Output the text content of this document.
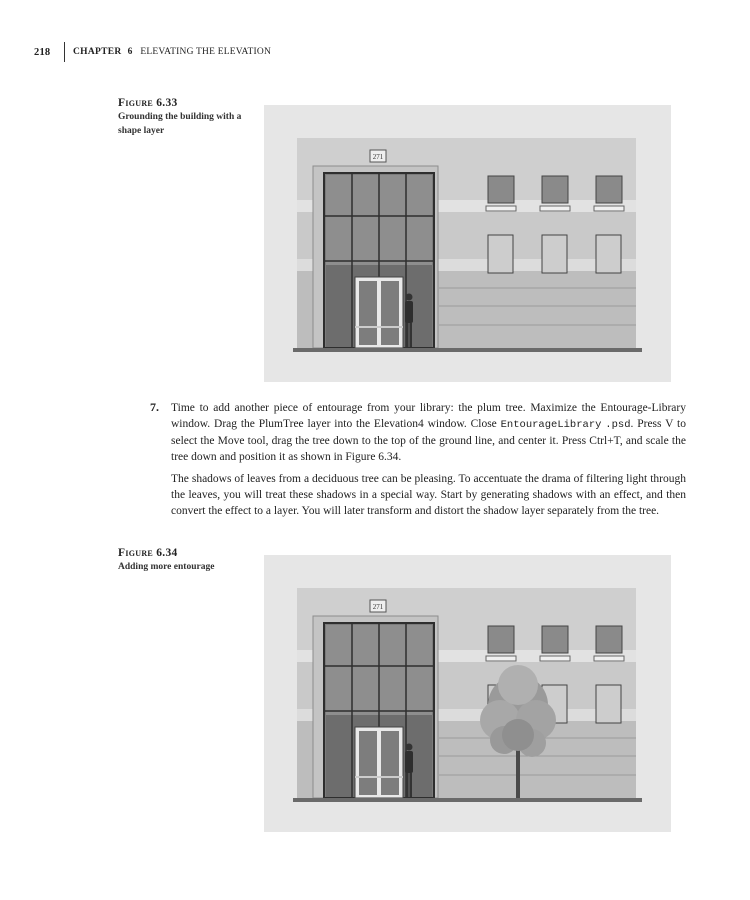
218	CHAPTER 6 ELEVATING THE ELEVATION
Figure 6.33
Grounding the building with a shape layer
271
7. Time to add another piece of entourage from your library: the plum tree. Maximize the Entourage-Library window. Drag the PlumTree layer into the Elevation4 window. Close EntourageLibrary .psd. Press V to select the Move tool, drag the tree down to the top of the ground line, and center it. Press Ctrl+T, and scale the tree down and position it as shown in Figure 6.34.
The shadows of leaves from a deciduous tree can be pleasing. To accentuate the drama of filtering light through the leaves, you will treat these shadows in a special way. Start by generating shadows with an effect, and then convert the effect to a layer. You will later transform and distort the shadow layer separately from the tree.
Figure 6.34
Adding more entourage
271
